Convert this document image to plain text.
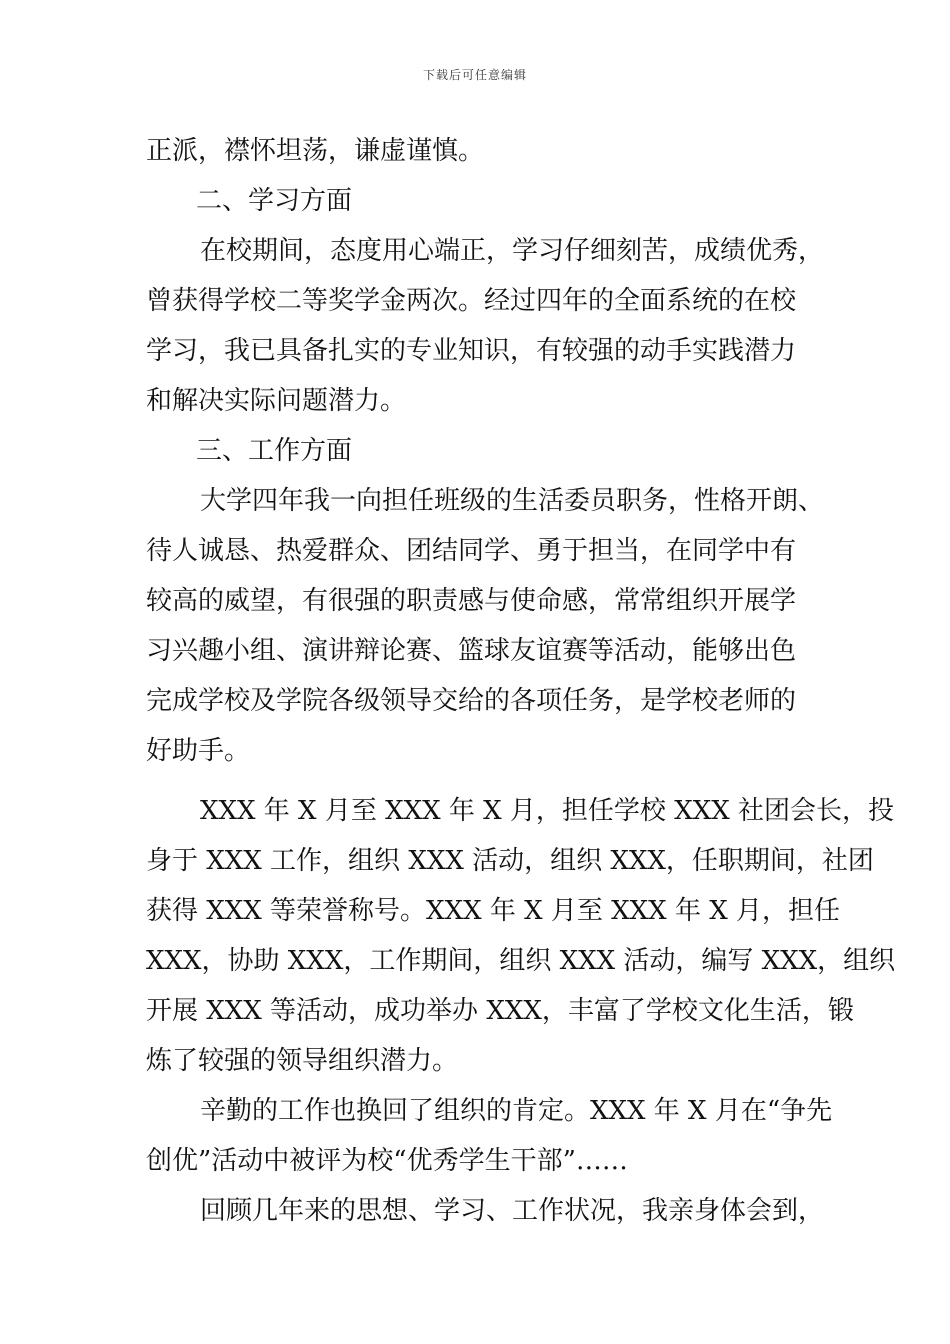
下载后可任意编辑
正派，襟怀坦荡，谦虚谨慎。
二、学习方面
在校期间，态度用心端正，学习仔细刻苦，成绩优秀，
曾获得学校二等奖学金两次。经过四年的全面系统的在校
学习，我已具备扎实的专业知识，有较强的动手实践潜力
和解决实际问题潜力。
三、工作方面
大学四年我一向担任班级的生活委员职务，性格开朗、
待人诚恳、热爱群众、团结同学、勇于担当，在同学中有
较高的威望，有很强的职责感与使命感，常常组织开展学
习兴趣小组、演讲辩论赛、篮球友谊赛等活动，能够出色
完成学校及学院各级领导交给的各项任务，是学校老师的
好助手。
XXX 年 X 月至 XXX 年 X 月，担任学校 XXX 社团会长，投
身于 XXX 工作，组织 XXX 活动，组织 XXX，任职期间，社团
获得 XXX 等荣誉称号。XXX 年 X 月至 XXX 年 X 月，担任
XXX，协助 XXX，工作期间，组织 XXX 活动，编写 XXX，组织
开展 XXX 等活动，成功举办 XXX，丰富了学校文化生活，锻
炼了较强的领导组织潜力。
辛勤的工作也换回了组织的肯定。XXX 年 X 月在“争先
创优”活动中被评为校“优秀学生干部”……
回顾几年来的思想、学习、工作状况，我亲身体会到，
